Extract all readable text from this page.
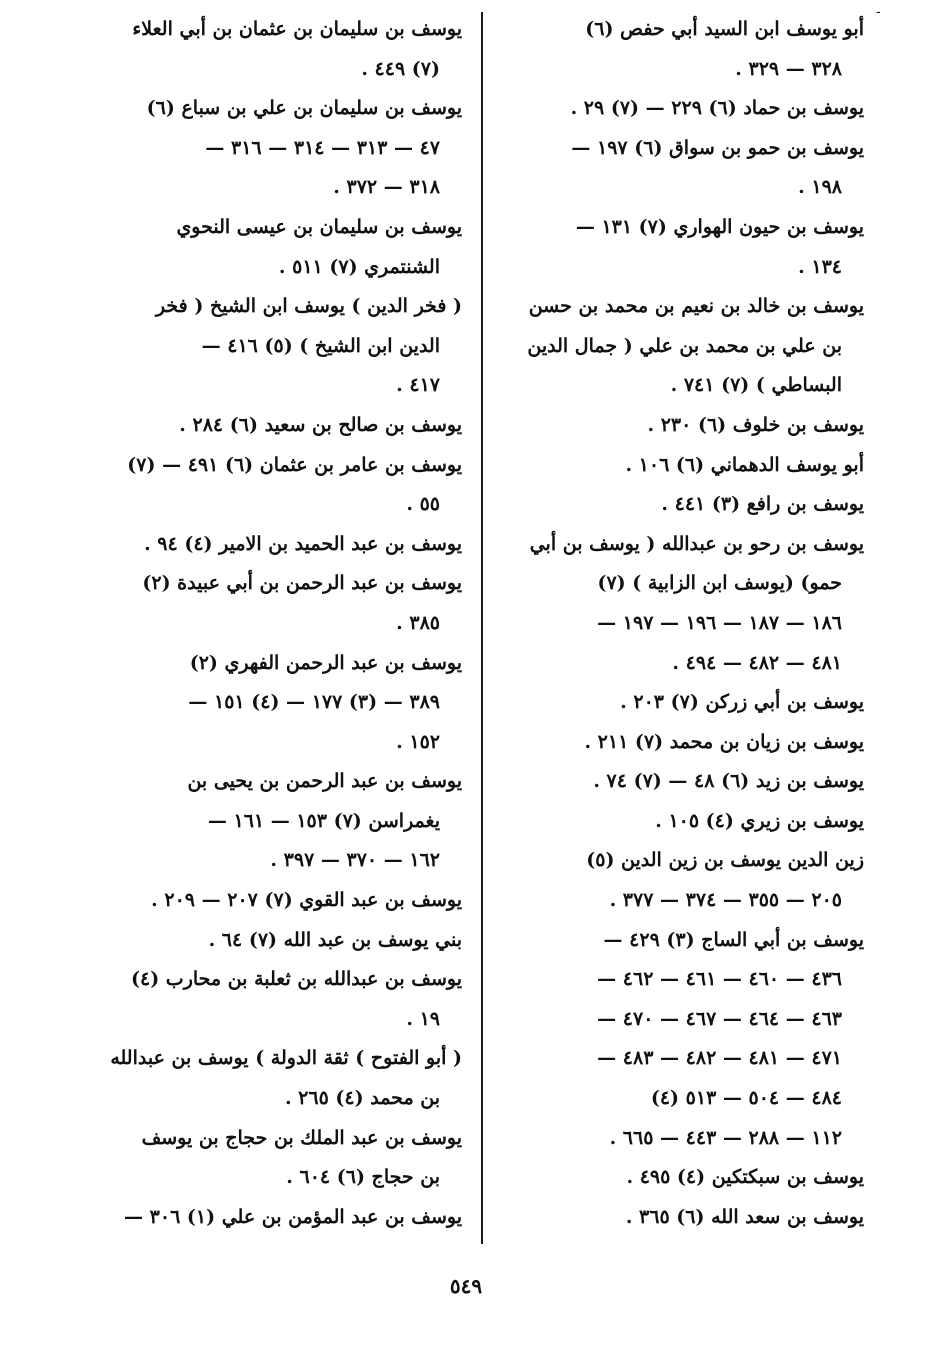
-
أبو يوسف ابن السيد أبي حفص (٦)
٣٢٨ — ٣٢٩ .
يوسف بن حماد (٦) ٢٢٩ — (٧) ٢٩ .
يوسف بن حمو بن سواق (٦) ١٩٧ —
١٩٨ .
يوسف بن حيون الهواري (٧) ١٣١ —
١٣٤ .
يوسف بن خالد بن نعيم بن محمد بن حسن
بن علي بن محمد بن علي ( جمال الدين
البساطي ) (٧) ٧٤١ .
يوسف بن خلوف (٦) ٢٣٠ .
أبو يوسف الدهماني (٦) ١٠٦ .
يوسف بن رافع (٣) ٤٤١ .
يوسف بن رحو بن عبدالله ( يوسف بن أبي
حمو) (يوسف ابن الزابية ) (٧)
١٨٦ — ١٨٧ — ١٩٦ — ١٩٧ —
٤٨١ — ٤٨٢ — ٤٩٤ .
يوسف بن أبي زركن (٧) ٢٠٣ .
يوسف بن زيان بن محمد (٧) ٢١١ .
يوسف بن زيد (٦) ٤٨ — (٧) ٧٤ .
يوسف بن زيري (٤) ١٠٥ .
زين الدين يوسف بن زين الدين (٥)
٢٠٥ — ٣٥٥ — ٣٧٤ — ٣٧٧ .
يوسف بن أبي الساج (٣) ٤٢٩ —
٤٣٦ — ٤٦٠ — ٤٦١ — ٤٦٢ —
٤٦٣ — ٤٦٤ — ٤٦٧ — ٤٧٠ —
٤٧١ — ٤٨١ — ٤٨٢ — ٤٨٣ —
٤٨٤ — ٥٠٤ — ٥١٣ (٤)
١١٢ — ٢٨٨ — ٤٤٣ — ٦٦٥ .
يوسف بن سبكتكين (٤) ٤٩٥ .
يوسف بن سعد الله (٦) ٣٦٥ .
يوسف بن سليمان بن عثمان بن أبي العلاء
(٧) ٤٤٩ .
يوسف بن سليمان بن علي بن سباع (٦)
٤٧ — ٣١٣ — ٣١٤ — ٣١٦ —
٣١٨ — ٣٧٢ .
يوسف بن سليمان بن عيسى النحوي
الشنتمري (٧) ٥١١ .
( فخر الدين ) يوسف ابن الشيخ ( فخر
الدين ابن الشيخ ) (٥) ٤١٦ —
٤١٧ .
يوسف بن صالح بن سعيد (٦) ٢٨٤ .
يوسف بن عامر بن عثمان (٦) ٤٩١ — (٧)
٥٥ .
يوسف بن عبد الحميد بن الامير (٤) ٩٤ .
يوسف بن عبد الرحمن بن أبي عبيدة (٢)
٣٨٥ .
يوسف بن عبد الرحمن الفهري (٢)
٣٨٩ — (٣) ١٧٧ — (٤) ١٥١ —
١٥٢ .
يوسف بن عبد الرحمن بن يحيى بن
يغمراسن (٧) ١٥٣ — ١٦١ —
١٦٢ — ٣٧٠ — ٣٩٧ .
يوسف بن عبد القوي (٧) ٢٠٧ — ٢٠٩ .
بني يوسف بن عبد الله (٧) ٦٤ .
يوسف بن عبدالله بن ثعلبة بن محارب (٤)
١٩ .
( أبو الفتوح ) ثقة الدولة ) يوسف بن عبدالله
بن محمد (٤) ٢٦٥ .
يوسف بن عبد الملك بن حجاج بن يوسف
بن حجاج (٦) ٦٠٤ .
يوسف بن عبد المؤمن بن علي (١) ٣٠٦ —
٥٤٩
